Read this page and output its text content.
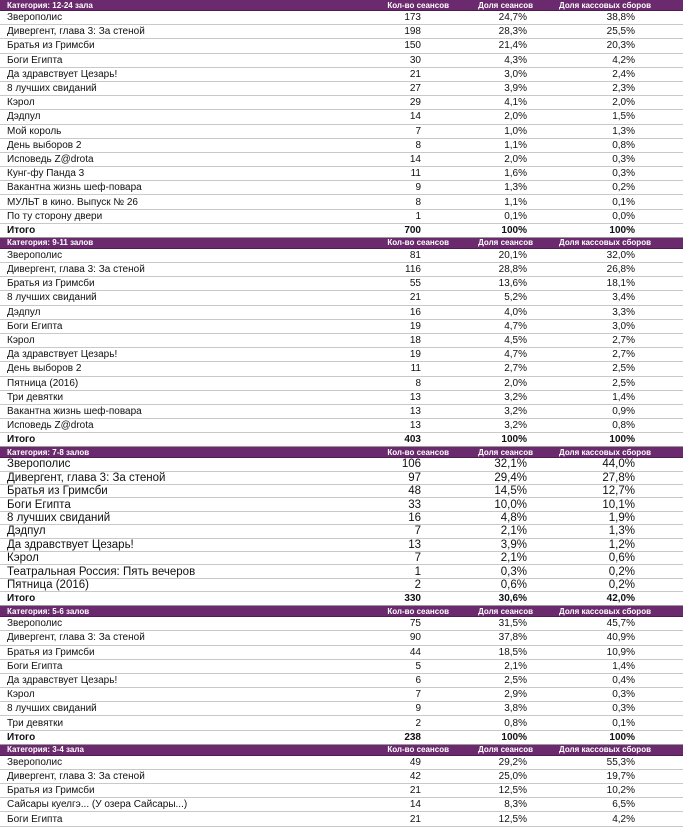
Категория: 12-24 зала	Кол-во сеансов	Доля сеансов	Доля кассовых сборов
Зверополис	173	24,7%	38,8%
Дивергент, глава 3: За стеной	198	28,3%	25,5%
Братья из Гримсби	150	21,4%	20,3%
Боги Египта	30	4,3%	4,2%
Да здравствует Цезарь!	21	3,0%	2,4%
8 лучших свиданий	27	3,9%	2,3%
Кэрол	29	4,1%	2,0%
Дэдпул	14	2,0%	1,5%
Мой король	7	1,0%	1,3%
День выборов 2	8	1,1%	0,8%
Исповедь Z@drota	14	2,0%	0,3%
Кунг-фу Панда 3	11	1,6%	0,3%
Вакантна жизнь шеф-повара	9	1,3%	0,2%
МУЛЬТ в кино. Выпуск № 26	8	1,1%	0,1%
По ту сторону двери	1	0,1%	0,0%
Итого	700	100%	100%
Категория: 9-11 залов	Кол-во сеансов	Доля сеансов	Доля кассовых сборов
Зверополис	81	20,1%	32,0%
Дивергент, глава 3: За стеной	116	28,8%	26,8%
Братья из Гримсби	55	13,6%	18,1%
8 лучших свиданий	21	5,2%	3,4%
Дэдпул	16	4,0%	3,3%
Боги Египта	19	4,7%	3,0%
Кэрол	18	4,5%	2,7%
Да здравствует Цезарь!	19	4,7%	2,7%
День выборов 2	11	2,7%	2,5%
Пятница (2016)	8	2,0%	2,5%
Три девятки	13	3,2%	1,4%
Вакантна жизнь шеф-повара	13	3,2%	0,9%
Исповедь Z@drota	13	3,2%	0,8%
Итого	403	100%	100%
Категория: 7-8 залов	Кол-во сеансов	Доля сеансов	Доля кассовых сборов
Зверополис	106	32,1%	44,0%
Дивергент, глава 3: За стеной	97	29,4%	27,8%
Братья из Гримсби	48	14,5%	12,7%
Боги Египта	33	10,0%	10,1%
8 лучших свиданий	16	4,8%	1,9%
Дэдпул	7	2,1%	1,3%
Да здравствует Цезарь!	13	3,9%	1,2%
Кэрол	7	2,1%	0,6%
Театральная Россия: Пять вечеров	1	0,3%	0,2%
Пятница (2016)	2	0,6%	0,2%
Итого	330	30,6%	42,0%
Категория: 5-6 залов	Кол-во сеансов	Доля сеансов	Доля кассовых сборов
Зверополис	75	31,5%	45,7%
Дивергент, глава 3: За стеной	90	37,8%	40,9%
Братья из Гримсби	44	18,5%	10,9%
Боги Египта	5	2,1%	1,4%
Да здравствует Цезарь!	6	2,5%	0,4%
Кэрол	7	2,9%	0,3%
8 лучших свиданий	9	3,8%	0,3%
Три девятки	2	0,8%	0,1%
Итого	238	100%	100%
Категория: 3-4 зала	Кол-во сеансов	Доля сеансов	Доля кассовых сборов
Зверополис	49	29,2%	55,3%
Дивергент, глава 3: За стеной	42	25,0%	19,7%
Братья из Гримсби	21	12,5%	10,2%
Сайсары куелгэ... (У озера Сайсары...)	14	8,3%	6,5%
Боги Египта	21	12,5%	4,2%
